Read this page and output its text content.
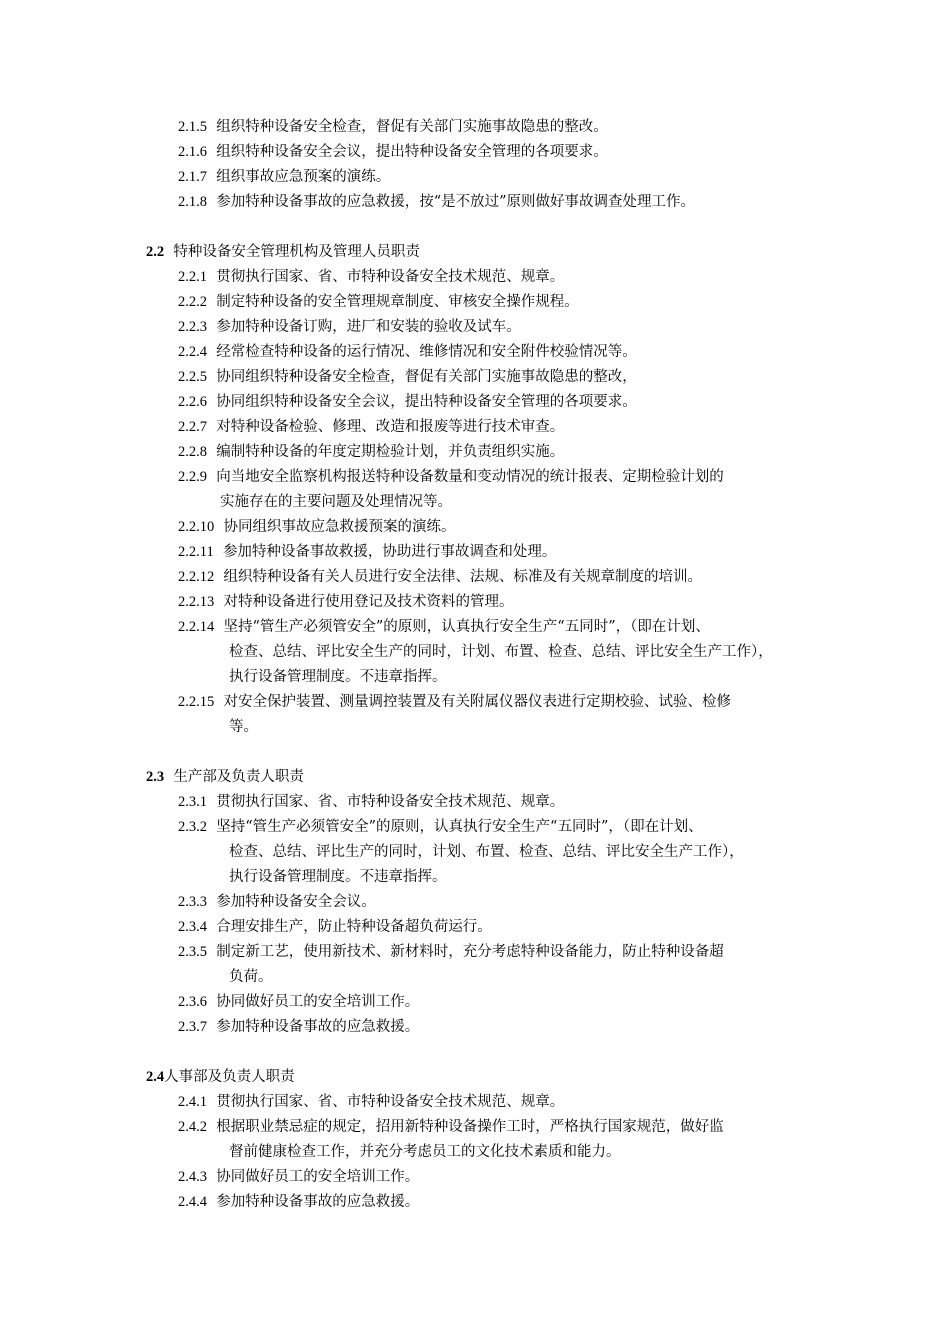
2.1.5 组织特种设备安全检查，督促有关部门实施事故隐患的整改。
2.1.6 组织特种设备安全会议，提出特种设备安全管理的各项要求。
2.1.7 组织事故应急预案的演练。
2.1.8 参加特种设备事故的应急救援，按“是不放过”原则做好事故调查处理工作。
2.2 特种设备安全管理机构及管理人员职责
2.2.1 贯彻执行国家、省、市特种设备安全技术规范、规章。
2.2.2 制定特种设备的安全管理规章制度、审核安全操作规程。
2.2.3 参加特种设备订购，进厂和安装的验收及试车。
2.2.4 经常检查特种设备的运行情况、维修情况和安全附件校验情况等。
2.2.5 协同组织特种设备安全检查，督促有关部门实施事故隐患的整改，
2.2.6 协同组织特种设备安全会议，提出特种设备安全管理的各项要求。
2.2.7 对特种设备检验、修理、改造和报废等进行技术审查。
2.2.8 编制特种设备的年度定期检验计划，并负责组织实施。
2.2.9 向当地安全监察机构报送特种设备数量和变动情况的统计报表、定期检验计划的
实施存在的主要问题及处理情况等。
2.2.10 协同组织事故应急救援预案的演练。
2.2.11 参加特种设备事故救援，协助进行事故调查和处理。
2.2.12 组织特种设备有关人员进行安全法律、法规、标准及有关规章制度的培训。
2.2.13 对特种设备进行使用登记及技术资料的管理。
2.2.14 坚持“管生产必须管安全”的原则，认真执行安全生产“五同时”，（即在计划、
检查、总结、评比安全生产的同时，计划、布置、检查、总结、评比安全生产工作），
执行设备管理制度。不违章指挥。
2.2.15 对安全保护装置、测量调控装置及有关附属仪器仪表进行定期校验、试验、检修
等。
2.3 生产部及负责人职责
2.3.1 贯彻执行国家、省、市特种设备安全技术规范、规章。
2.3.2 坚持“管生产必须管安全”的原则，认真执行安全生产“五同时”，（即在计划、
检查、总结、评比生产的同时，计划、布置、检查、总结、评比安全生产工作），
执行设备管理制度。不违章指挥。
2.3.3 参加特种设备安全会议。
2.3.4 合理安排生产，防止特种设备超负荷运行。
2.3.5 制定新工艺，使用新技术、新材料时，充分考虑特种设备能力，防止特种设备超
负荷。
2.3.6 协同做好员工的安全培训工作。
2.3.7 参加特种设备事故的应急救援。
2.4人事部及负责人职责
2.4.1 贯彻执行国家、省、市特种设备安全技术规范、规章。
2.4.2 根据职业禁忌症的规定，招用新特种设备操作工时，严格执行国家规范，做好监
督前健康检查工作，并充分考虑员工的文化技术素质和能力。
2.4.3 协同做好员工的安全培训工作。
2.4.4 参加特种设备事故的应急救援。
